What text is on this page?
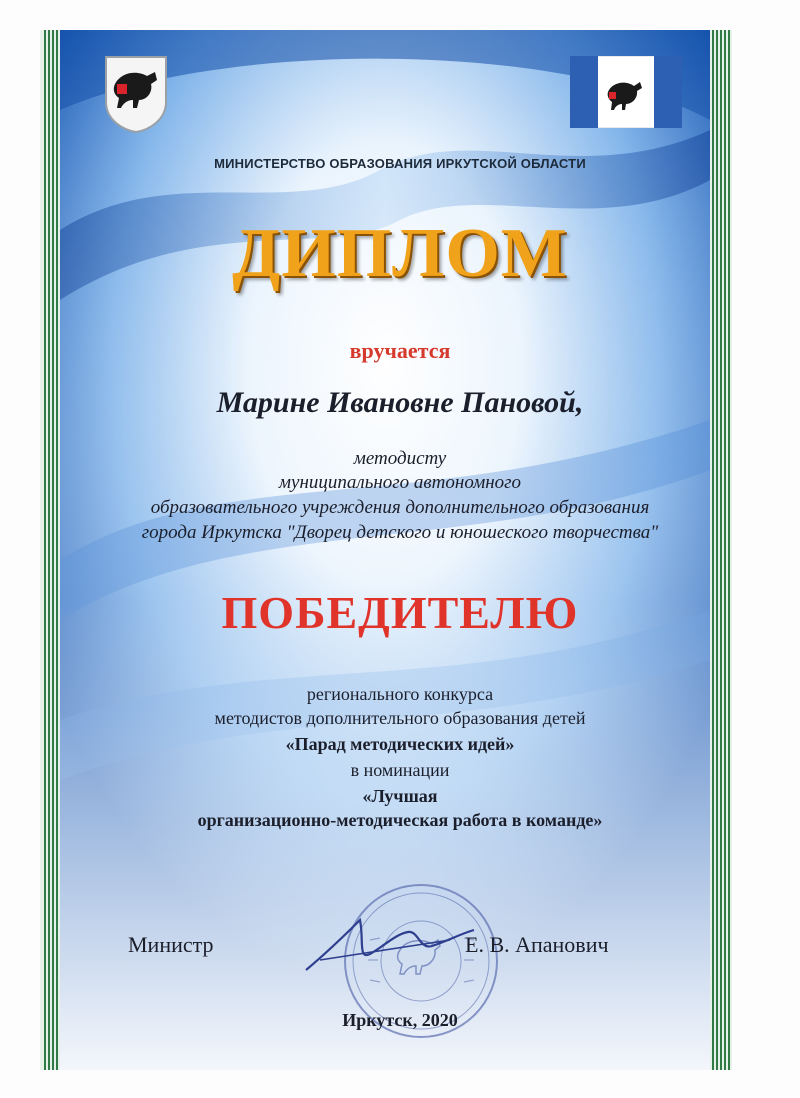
МИНИСТЕРСТВО ОБРАЗОВАНИЯ ИРКУТСКОЙ ОБЛАСТИ
ДИПЛОМ
вручается
Марине Ивановне Пановой,
методисту
муниципального автономного
образовательного учреждения дополнительного образования
города Иркутска "Дворец детского и юношеского творчества"
ПОБЕДИТЕЛЮ
регионального конкурса
методистов дополнительного образования детей
«Парад методических идей»
в номинации
«Лучшая
организационно-методическая работа в команде»
Министр	Е. В. Апанович
Иркутск, 2020
